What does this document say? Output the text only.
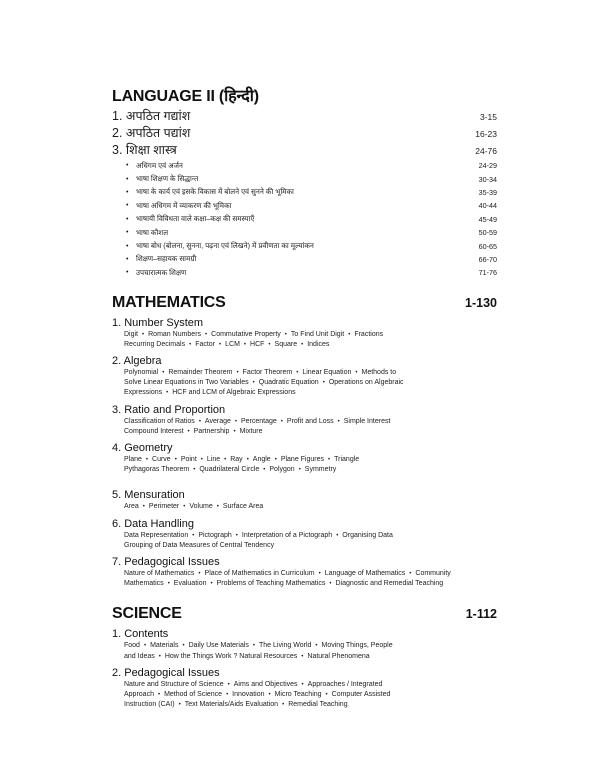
LANGUAGE II (हिन्दी)
1. अपठित गद्यांश	3-15
2. अपठित पद्यांश	16-23
3. शिक्षा शास्त्र	24-76
•	अधिगम एवं अर्जन	24-29
•	भाषा शिक्षण के सिद्धान्त	30-34
•	भाषा के कार्य एवं इसके विकास में बोलने एवं सुनने की भूमिका	35-39
•	भाषा अधिगम में व्याकरण की भूमिका	40-44
•	भाषायी विविधता वाले कक्षा–कक्ष की समस्याएँ	45-49
•	भाषा कौशल	50-59
•	भाषा बोध (बोलना, सुनना, पढ़ना एवं लिखने) में प्रवीणता का मूल्यांकन	60-65
•	शिक्षण–सहायक सामग्री	66-70
•	उपचारात्मक शिक्षण	71-76
MATHEMATICS	1-130
1. Number System
Digit • Roman Numbers • Commutative Property • To Find Unit Digit • Fractions
Recurring Decimals • Factor • LCM • HCF • Square • Indices
2. Algebra
Polynomial • Remainder Theorem • Factor Theorem • Linear Equation • Methods to
Solve Linear Equations in Two Variables • Quadratic Equation • Operations on Algebraic
Expressions • HCF and LCM of Algebraic Expressions
3. Ratio and Proportion
Classification of Ratios • Average • Percentage • Profit and Loss • Simple Interest
Compound Interest • Partnership • Mixture
4. Geometry
Plane • Curve • Point • Line • Ray • Angle • Plane Figures • Triangle
Pythagoras Theorem • Quadrilateral Circle • Polygon • Symmetry
5. Mensuration
Area • Perimeter • Volume • Surface Area
6. Data Handling
Data Representation • Pictograph • Interpretation of a Pictograph • Organising Data
Grouping of Data Measures of Central Tendency
7. Pedagogical Issues
Nature of Mathematics • Place of Mathematics in Curriculum • Language of Mathematics • Community
Mathematics • Evaluation • Problems of Teaching Mathematics • Diagnostic and Remedial Teaching
SCIENCE	1-112
1. Contents
Food • Materials • Daily Use Materials • The Living World • Moving Things, People
and Ideas • How the Things Work ? Natural Resources • Natural Phenomena
2. Pedagogical Issues
Nature and Structure of Science • Aims and Objectives • Approaches / Integrated
Approach • Method of Science • Innovation • Micro Teaching • Computer Assisted
Instruction (CAI) • Text Materials/Aids Evaluation • Remedial Teaching
